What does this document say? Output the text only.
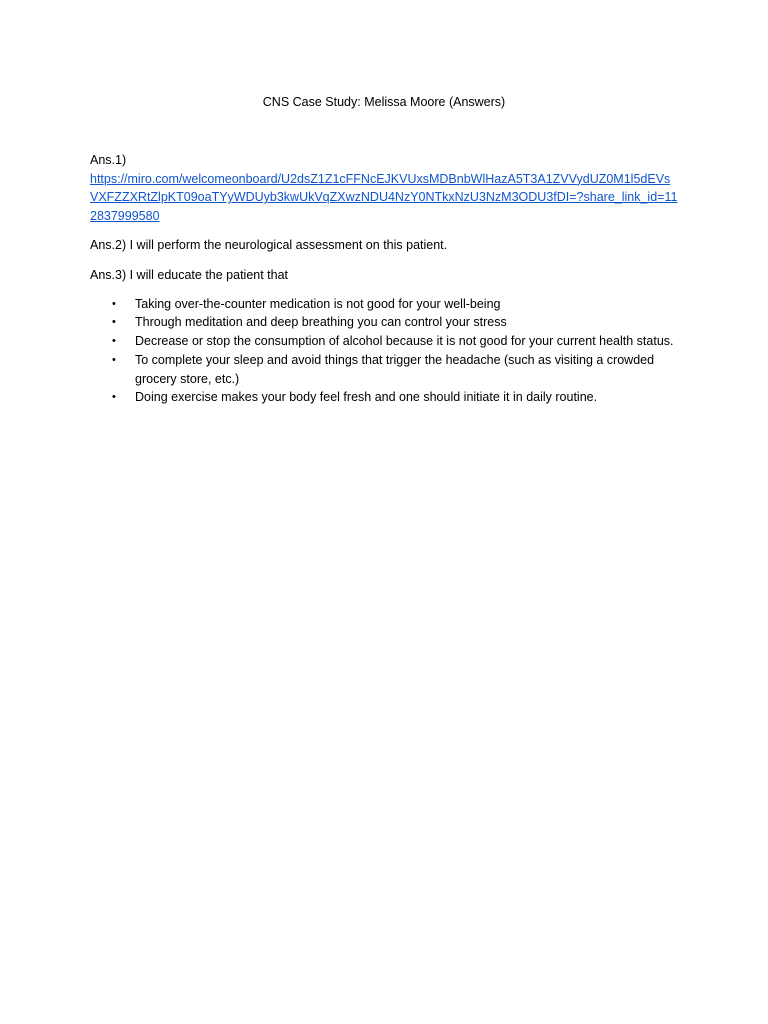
CNS Case Study: Melissa Moore (Answers)
Ans.1)
https://miro.com/welcomeonboard/U2dsZ1Z1cFFNcEJKVUxsMDBnbWlHazA5T3A1ZVVydUZ0M1l5dEVsVXFZZXRtZlpKT09oaTYyWDUyb3kwUkVqZXwzNDU4NzY0NTkxNzU3NzM3ODU3fDI=?share_link_id=112837999580
Ans.2) I will perform the neurological assessment on this patient.
Ans.3) I will educate the patient that
• Taking over-the-counter medication is not good for your well-being
• Through meditation and deep breathing you can control your stress
• Decrease or stop the consumption of alcohol because it is not good for your current health status.
• To complete your sleep and avoid things that trigger the headache (such as visiting a crowded grocery store, etc.)
• Doing exercise makes your body feel fresh and one should initiate it in daily routine.
